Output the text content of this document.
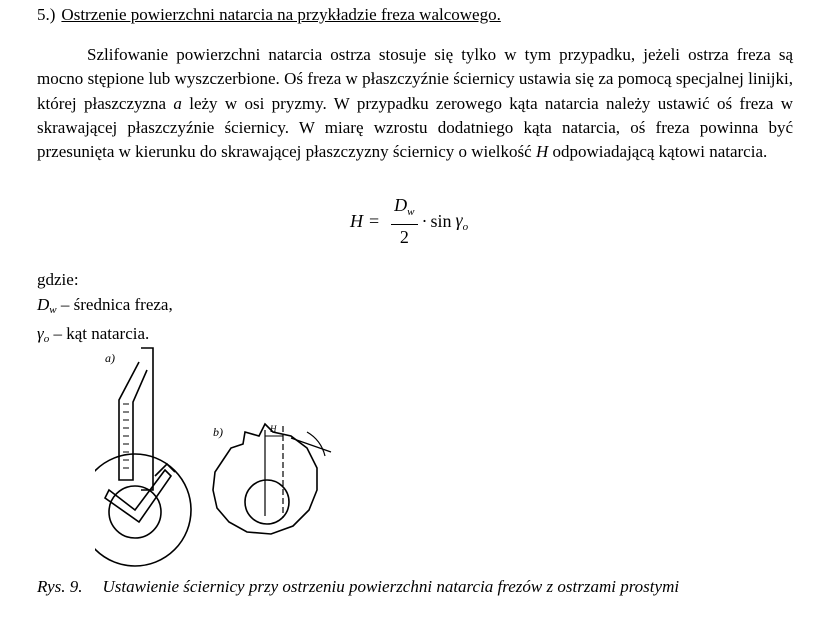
5.) Ostrzenie powierzchni natarcia na przykładzie freza walcowego.
Szlifowanie powierzchni natarcia ostrza stosuje się tylko w tym przypadku, jeżeli ostrza freza są mocno stępione lub wyszczerbione. Oś freza w płaszczyźnie ściernicy ustawia się za pomocą specjalnej linijki, której płaszczyzna a leży w osi pryzmy. W przypadku zerowego kąta natarcia należy ustawić oś freza w skrawającej płaszczyźnie ściernicy. W miarę wzrostu dodatniego kąta natarcia, oś freza powinna być przesunięta w kierunku do skrawającej płaszczyzny ściernicy o wielkość H odpowiadającą kątowi natarcia.
$H = \frac{D_w}{2} \cdot \sin \gamma_o$
gdzie:
Dw – średnica freza,
γo – kąt natarcia.
a)
b)	H
Rys. 9. Ustawienie ściernicy przy ostrzeniu powierzchni natarcia frezów z ostrzami prostymi
